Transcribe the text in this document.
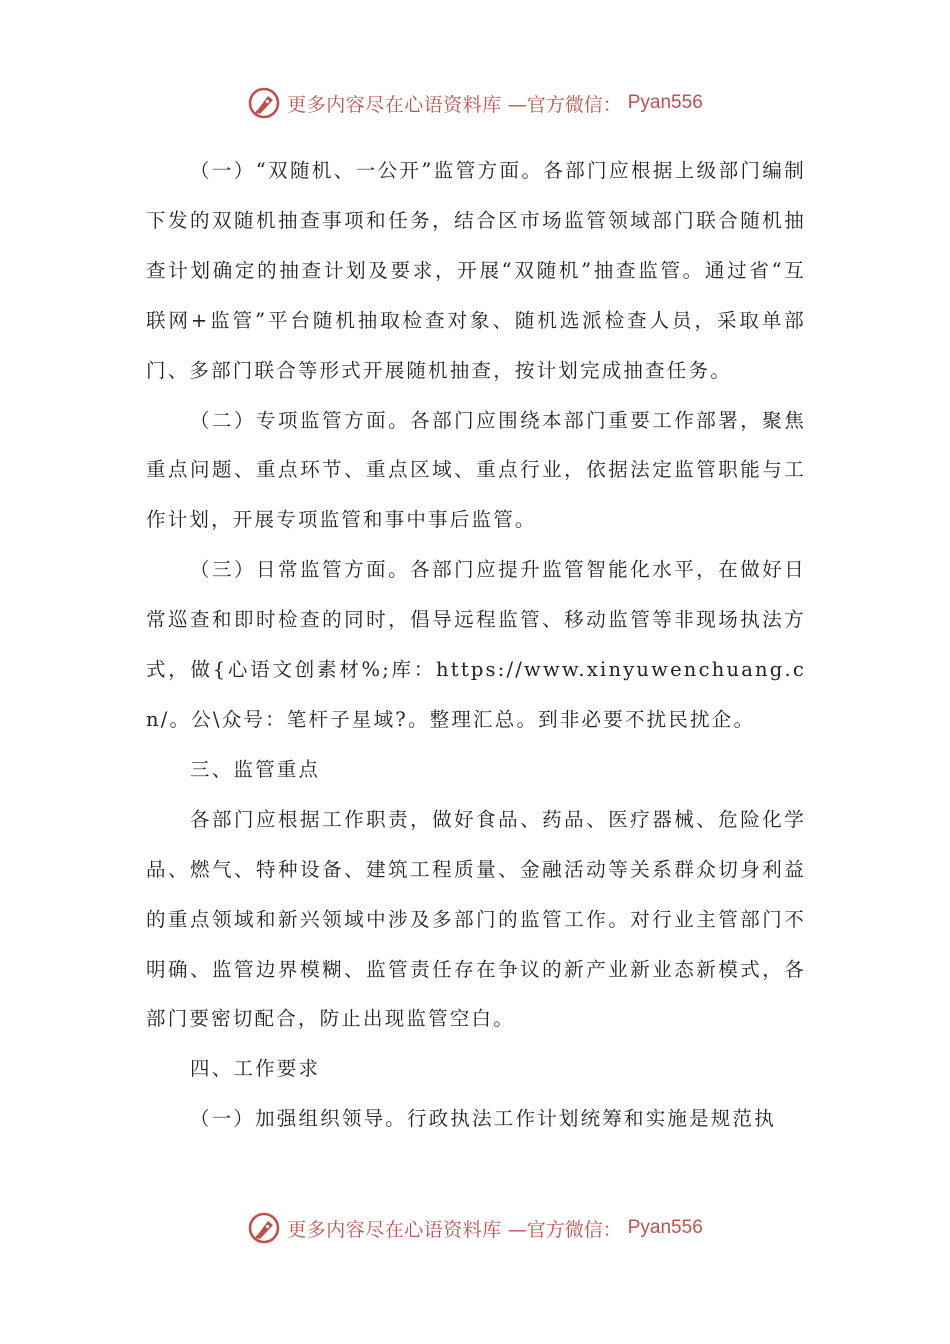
更多内容尽在心语资料库 —官方微信： Pyan556

（一）“双随机、一公开”监管方面。各部门应根据上级部门编制下发的双随机抽查事项和任务，结合区市场监管领域部门联合随机抽查计划确定的抽查计划及要求，开展“双随机”抽查监管。通过省“互联网+监管”平台随机抽取检查对象、随机选派检查人员，采取单部门、多部门联合等形式开展随机抽查，按计划完成抽查任务。

（二）专项监管方面。各部门应围绕本部门重要工作部署，聚焦重点问题、重点环节、重点区域、重点行业，依据法定监管职能与工作计划，开展专项监管和事中事后监管。

（三）日常监管方面。各部门应提升监管智能化水平，在做好日常巡查和即时检查的同时，倡导远程监管、移动监管等非现场执法方式，做{心语文创素材%;库：https://www.xinyuwenchuang.cn/。公\众号：笔杆子星域?。整理汇总。到非必要不扰民扰企。

三、监管重点

各部门应根据工作职责，做好食品、药品、医疗器械、危险化学品、燃气、特种设备、建筑工程质量、金融活动等关系群众切身利益的重点领域和新兴领域中涉及多部门的监管工作。对行业主管部门不明确、监管边界模糊、监管责任存在争议的新产业新业态新模式，各部门要密切配合，防止出现监管空白。

四、工作要求

（一）加强组织领导。行政执法工作计划统筹和实施是规范执

更多内容尽在心语资料库 —官方微信： Pyan556
